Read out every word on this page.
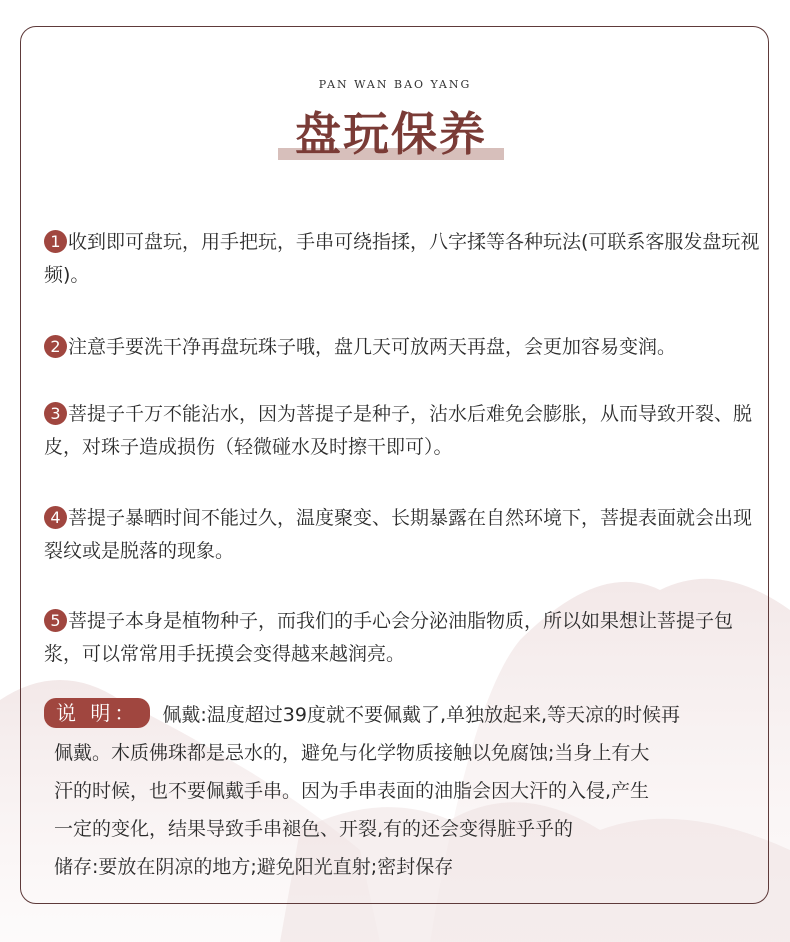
PAN WAN BAO YANG
盘玩保养
1 收到即可盘玩，用手把玩，手串可绕指揉，八字揉等各种玩法(可联系客服发盘玩视频)。
2 注意手要洗干净再盘玩珠子哦，盘几天可放两天再盘，会更加容易变润。
3 菩提子千万不能沾水，因为菩提子是种子，沾水后难免会膨胀，从而导致开裂、脱皮，对珠子造成损伤（轻微碰水及时擦干即可）。
4 菩提子暴晒时间不能过久，温度聚变、长期暴露在自然环境下，菩提表面就会出现裂纹或是脱落的现象。
5 菩提子本身是植物种子，而我们的手心会分泌油脂物质，所以如果想让菩提子包浆，可以常常用手抚摸会变得越来越润亮。
说 明： 佩戴:温度超过39度就不要佩戴了,单独放起来,等天凉的时候再
佩戴。木质佛珠都是忌水的，避免与化学物质接触以免腐蚀;当身上有大
汗的时候，也不要佩戴手串。因为手串表面的油脂会因大汗的入侵,产生
一定的变化，结果导致手串褪色、开裂,有的还会变得脏乎乎的
储存:要放在阴凉的地方;避免阳光直射;密封保存
